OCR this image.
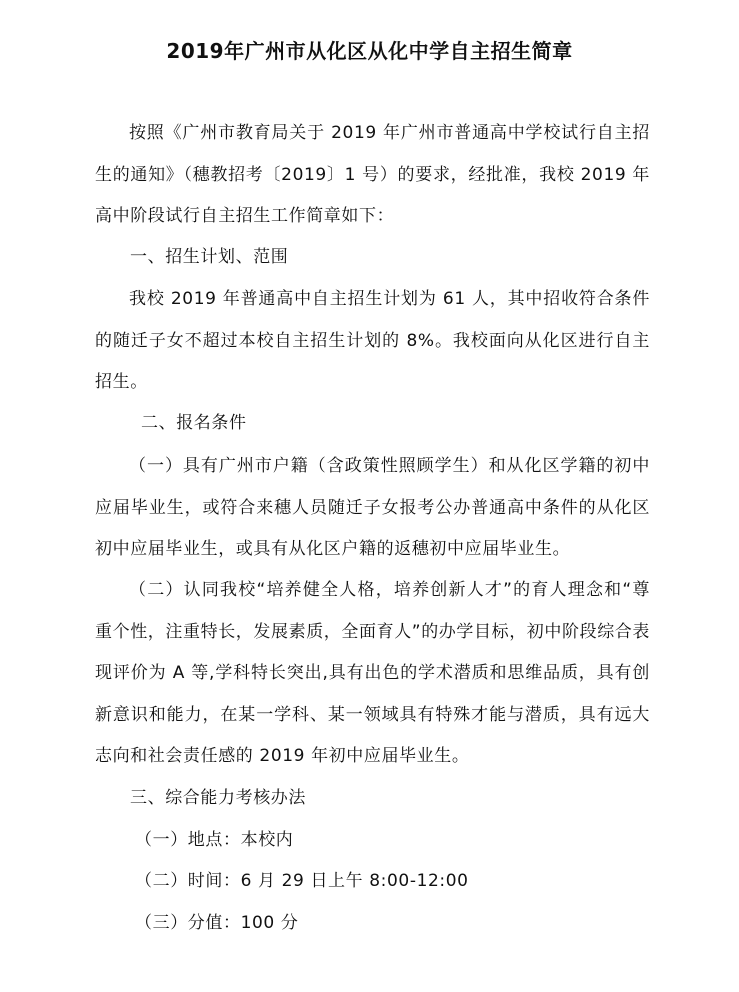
2019年广州市从化区从化中学自主招生简章
按照《广州市教育局关于 2019 年广州市普通高中学校试行自主招生的通知》（穗教招考〔2019〕1 号）的要求，经批准，我校 2019 年高中阶段试行自主招生工作简章如下：
一、招生计划、范围
我校 2019 年普通高中自主招生计划为 61 人，其中招收符合条件的随迁子女不超过本校自主招生计划的 8%。我校面向从化区进行自主招生。
二、报名条件
（一）具有广州市户籍（含政策性照顾学生）和从化区学籍的初中应届毕业生，或符合来穗人员随迁子女报考公办普通高中条件的从化区初中应届毕业生，或具有从化区户籍的返穗初中应届毕业生。
（二）认同我校“培养健全人格，培养创新人才”的育人理念和“尊重个性，注重特长，发展素质，全面育人”的办学目标，初中阶段综合表现评价为 A 等,学科特长突出,具有出色的学术潜质和思维品质，具有创新意识和能力，在某一学科、某一领域具有特殊才能与潜质，具有远大志向和社会责任感的 2019 年初中应届毕业生。
三、综合能力考核办法
（一）地点：本校内
（二）时间：6 月 29 日上午 8:00-12:00
（三）分值：100 分
